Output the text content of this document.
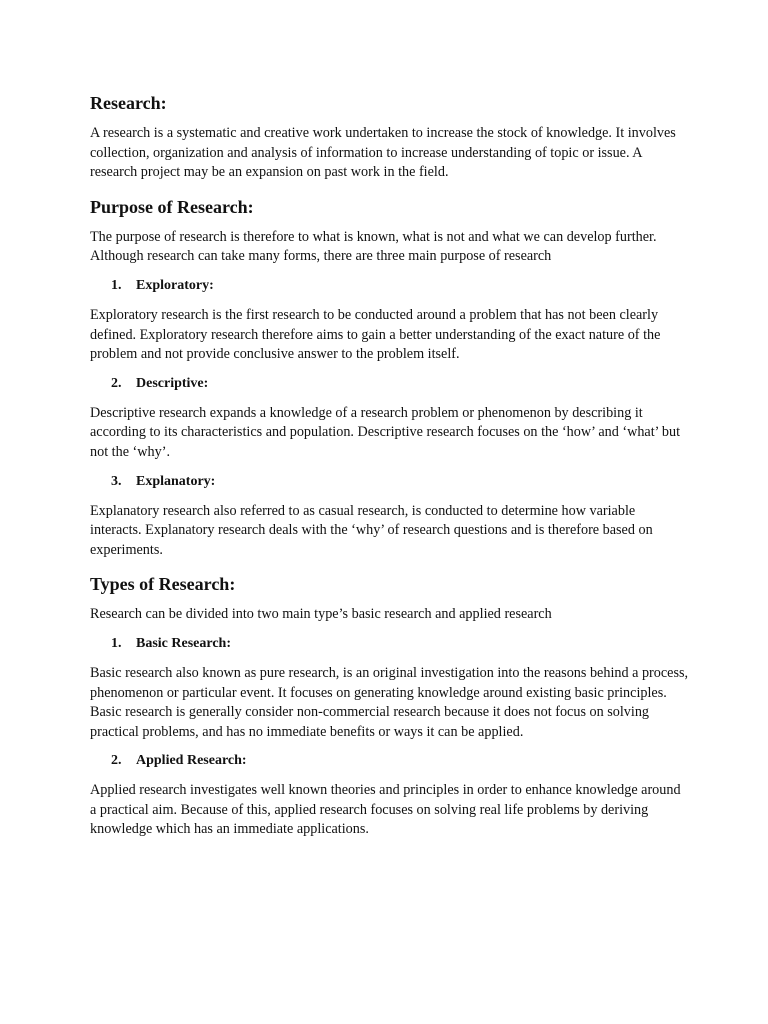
Research:

A research is a systematic and creative work undertaken to increase the stock of knowledge. It involves collection, organization and analysis of information to increase understanding of topic or issue. A research project may be an expansion on past work in the field.

Purpose of Research:

The purpose of research is therefore to what is known, what is not and what we can develop further. Although research can take many forms, there are three main purpose of research

1.	Exploratory:

Exploratory research is the first research to be conducted around a problem that has not been clearly defined. Exploratory research therefore aims to gain a better understanding of the exact nature of the problem and not provide conclusive answer to the problem itself.

2.	Descriptive:

Descriptive research expands a knowledge of a research problem or phenomenon by describing it according to its characteristics and population. Descriptive research focuses on the ‘how’ and ‘what’ but not the ‘why’.

3.	Explanatory:

Explanatory research also referred to as casual research, is conducted to determine how variable interacts. Explanatory research deals with the ‘why’ of research questions and is therefore based on experiments.

Types of Research:

Research can be divided into two main type’s basic research and applied research

1.	Basic Research:

Basic research also known as pure research, is an original investigation into the reasons behind a process, phenomenon or particular event. It focuses on generating knowledge around existing basic principles. Basic research is generally consider non-commercial research because it does not focus on solving practical problems, and has no immediate benefits or ways it can be applied.

2.	Applied Research:

Applied research investigates well known theories and principles in order to enhance knowledge around a practical aim. Because of this, applied research focuses on solving real life problems by deriving knowledge which has an immediate applications.
